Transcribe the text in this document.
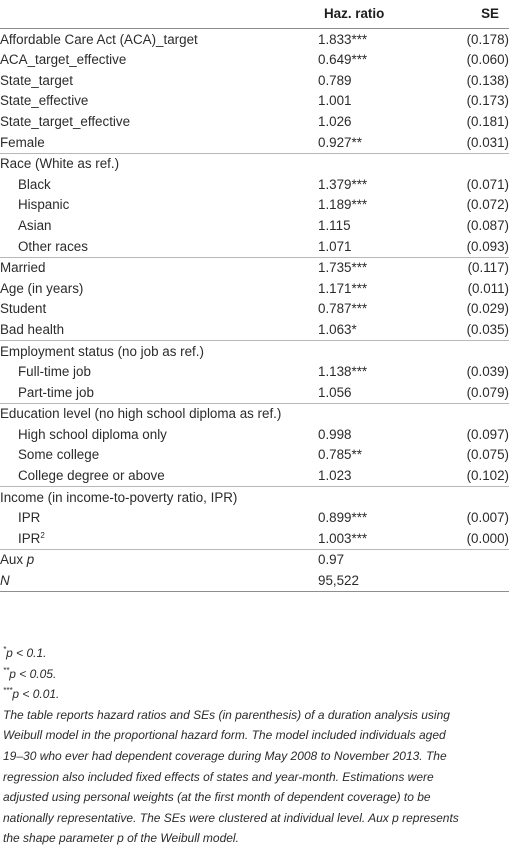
	Haz. ratio	SE
Affordable Care Act (ACA)_target	1.833***	(0.178)
ACA_target_effective	0.649***	(0.060)
State_target	0.789	(0.138)
State_effective	1.001	(0.173)
State_target_effective	1.026	(0.181)
Female	0.927**	(0.031)
Race (White as ref.)		
Black	1.379***	(0.071)
Hispanic	1.189***	(0.072)
Asian	1.115	(0.087)
Other races	1.071	(0.093)
Married	1.735***	(0.117)
Age (in years)	1.171***	(0.011)
Student	0.787***	(0.029)
Bad health	1.063*	(0.035)
Employment status (no job as ref.)		
Full-time job	1.138***	(0.039)
Part-time job	1.056	(0.079)
Education level (no high school diploma as ref.)		
High school diploma only	0.998	(0.097)
Some college	0.785**	(0.075)
College degree or above	1.023	(0.102)
Income (in income-to-poverty ratio, IPR)		
IPR	0.899***	(0.007)
IPR$^2$	1.003***	(0.000)
Aux p	0.97	
N	95,522	
*p < 0.1.
**p < 0.05.
***p < 0.01.
The table reports hazard ratios and SEs (in parenthesis) of a duration analysis using
Weibull model in the proportional hazard form. The model included individuals aged
19–30 who ever had dependent coverage during May 2008 to November 2013. The
regression also included fixed effects of states and year-month. Estimations were
adjusted using personal weights (at the first month of dependent coverage) to be
nationally representative. The SEs were clustered at individual level. Aux p represents
the shape parameter p of the Weibull model.
